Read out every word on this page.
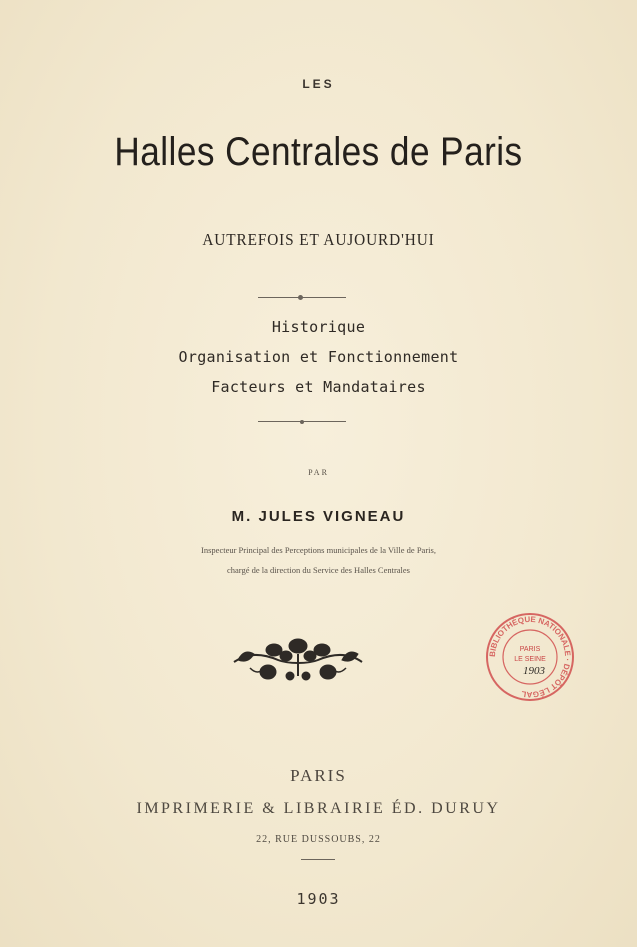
LES
Halles Centrales de Paris
AUTREFOIS ET AUJOURD'HUI
Historique
Organisation et Fonctionnement
Facteurs et Mandataires
PAR
M. JULES VIGNEAU
Inspecteur Principal des Perceptions municipales de la Ville de Paris,
chargé de la direction du Service des Halles Centrales
BIBLIOTHÈQUE NATIONALE · DÉPÔT LÉGAL
PARIS
LE SEINE
1903
PARIS
IMPRIMERIE & LIBRAIRIE ÉD. DURUY
22, RUE DUSSOUBS, 22
1903
